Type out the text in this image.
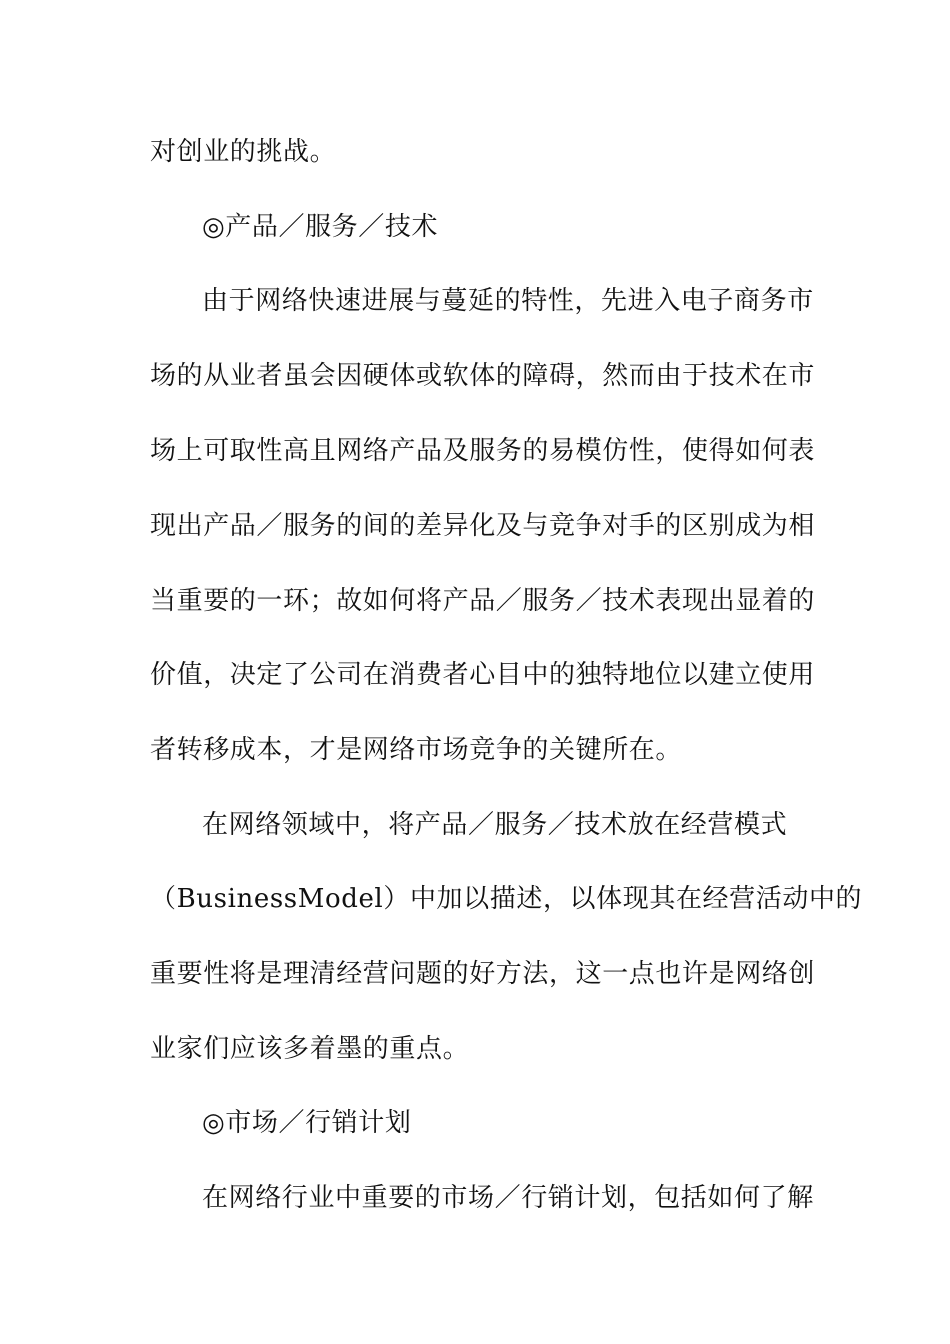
对创业的挑战。
◎产品／服务／技术
由于网络快速进展与蔓延的特性，先进入电子商务市
场的从业者虽会因硬体或软体的障碍，然而由于技术在市
场上可取性高且网络产品及服务的易模仿性，使得如何表
现出产品／服务的间的差异化及与竞争对手的区别成为相
当重要的一环；故如何将产品／服务／技术表现出显着的
价值，决定了公司在消费者心目中的独特地位以建立使用
者转移成本，才是网络市场竞争的关键所在。
在网络领域中，将产品／服务／技术放在经营模式
（BusinessModel）中加以描述，以体现其在经营活动中的
重要性将是理清经营问题的好方法，这一点也许是网络创
业家们应该多着墨的重点。
◎市场／行销计划
在网络行业中重要的市场／行销计划，包括如何了解
